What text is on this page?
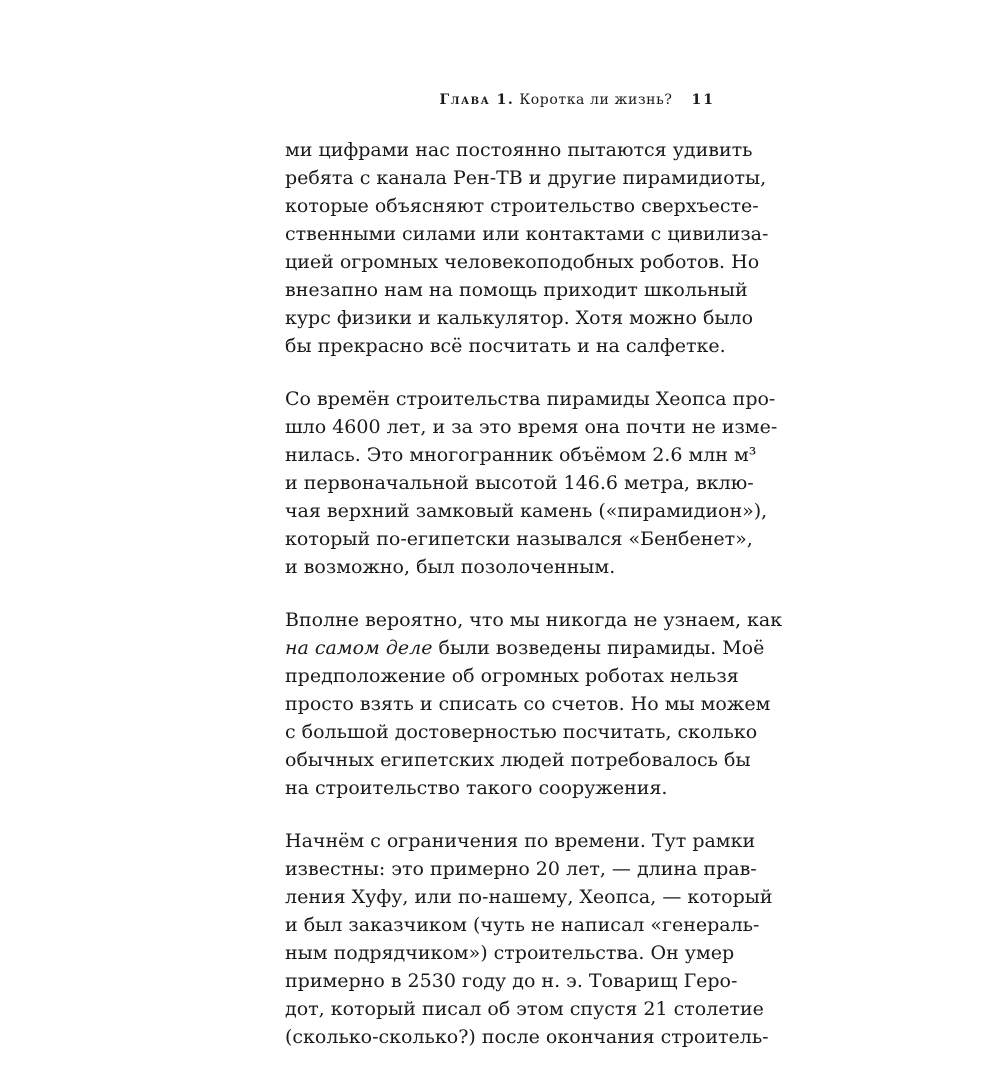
Глава 1. Коротка ли жизнь? 11
ми цифрами нас постоянно пытаются удивить
ребята с канала Рен-ТВ и другие пирамидиоты,
которые объясняют строительство сверхъесте-
ственными силами или контактами с цивилиза-
цией огромных человекоподобных роботов. Но
внезапно нам на помощь приходит школьный
курс физики и калькулятор. Хотя можно было
бы прекрасно всё посчитать и на салфетке.
Со времён строительства пирамиды Хеопса про-
шло 4600 лет, и за это время она почти не изме-
нилась. Это многогранник объёмом 2.6 млн м³
и первоначальной высотой 146.6 метра, вклю-
чая верхний замковый камень («пирамидион»),
который по-египетски назывался «Бенбенет»,
и возможно, был позолоченным.
Вполне вероятно, что мы никогда не узнаем, как
на самом деле были возведены пирамиды. Моё
предположение об огромных роботах нельзя
просто взять и списать со счетов. Но мы можем
с большой достоверностью посчитать, сколько
обычных египетских людей потребовалось бы
на строительство такого сооружения.
Начнём с ограничения по времени. Тут рамки
известны: это примерно 20 лет, — длина прав-
ления Хуфу, или по-нашему, Хеопса, — который
и был заказчиком (чуть не написал «генераль-
ным подрядчиком») строительства. Он умер
примерно в 2530 году до н. э. Товарищ Геро-
дот, который писал об этом спустя 21 столетие
(сколько-сколько?) после окончания строитель-
